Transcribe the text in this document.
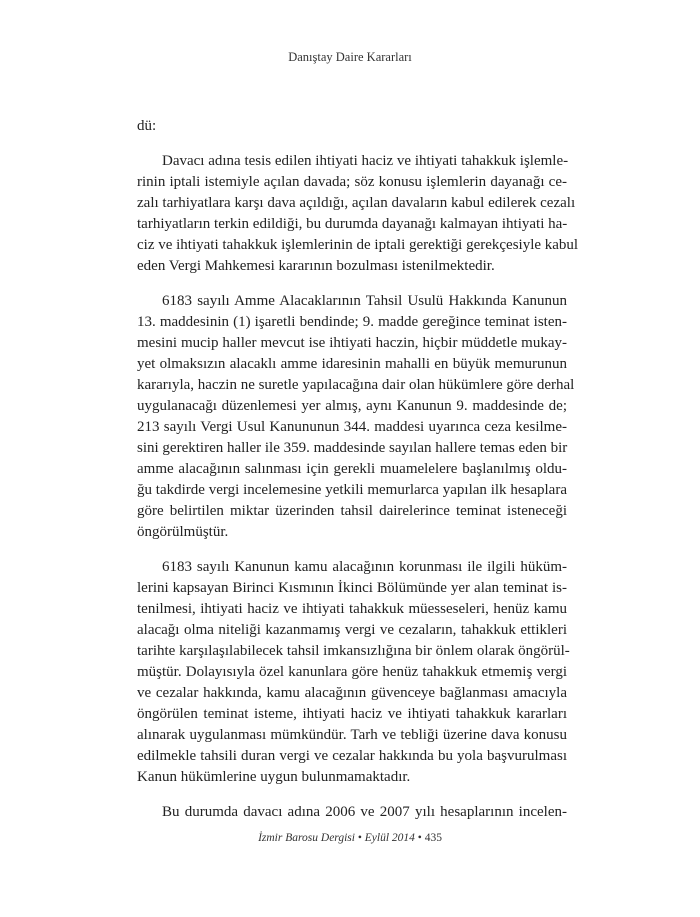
Danıştay Daire Kararları
dü:
Davacı adına tesis edilen ihtiyati haciz ve ihtiyati tahakkuk işlemle-
rinin iptali istemiyle açılan davada; söz konusu işlemlerin dayanağı ce-
zalı tarhiyatlara karşı dava açıldığı, açılan davaların kabul edilerek cezalı
tarhiyatların terkin edildiği, bu durumda dayanağı kalmayan ihtiyati ha-
ciz ve ihtiyati tahakkuk işlemlerinin de iptali gerektiği gerekçesiyle kabul
eden Vergi Mahkemesi kararının bozulması istenilmektedir.
6183 sayılı Amme Alacaklarının Tahsil Usulü Hakkında Kanunun
13. maddesinin (1) işaretli bendinde; 9. madde gereğince teminat isten-
mesini mucip haller mevcut ise ihtiyati haczin, hiçbir müddetle mukay-
yet olmaksızın alacaklı amme idaresinin mahalli en büyük memurunun
kararıyla, haczin ne suretle yapılacağına dair olan hükümlere göre derhal
uygulanacağı düzenlemesi yer almış, aynı Kanunun 9. maddesinde de;
213 sayılı Vergi Usul Kanununun 344. maddesi uyarınca ceza kesilme-
sini gerektiren haller ile 359. maddesinde sayılan hallere temas eden bir
amme alacağının salınması için gerekli muamelelere başlanılmış oldu-
ğu takdirde vergi incelemesine yetkili memurlarca yapılan ilk hesaplara
göre belirtilen miktar üzerinden tahsil dairelerince teminat isteneceği
öngörülmüştür.
6183 sayılı Kanunun kamu alacağının korunması ile ilgili hüküm-
lerini kapsayan Birinci Kısmının İkinci Bölümünde yer alan teminat is-
tenilmesi, ihtiyati haciz ve ihtiyati tahakkuk müesseseleri, henüz kamu
alacağı olma niteliği kazanmamış vergi ve cezaların, tahakkuk ettikleri
tarihte karşılaşılabilecek tahsil imkansızlığına bir önlem olarak öngörül-
müştür. Dolayısıyla özel kanunlara göre henüz tahakkuk etmemiş vergi
ve cezalar hakkında, kamu alacağının güvenceye bağlanması amacıyla
öngörülen teminat isteme, ihtiyati haciz ve ihtiyati tahakkuk kararları
alınarak uygulanması mümkündür. Tarh ve tebliği üzerine dava konusu
edilmekle tahsili duran vergi ve cezalar hakkında bu yola başvurulması
Kanun hükümlerine uygun bulunmamaktadır.
Bu durumda davacı adına 2006 ve 2007 yılı hesaplarının incelen-
İzmir Barosu Dergisi • Eylül 2014 • 435
